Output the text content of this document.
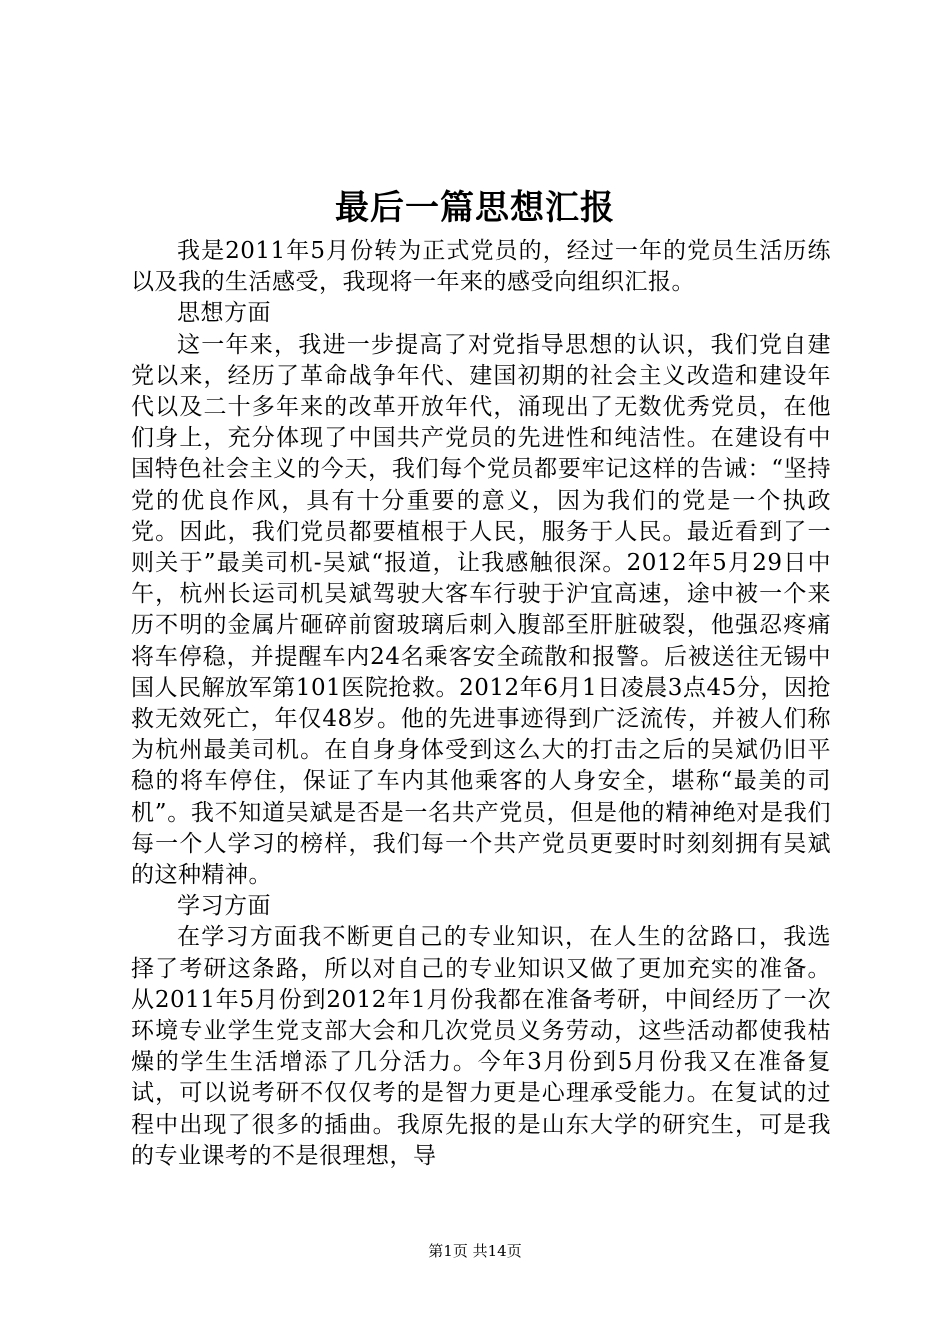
最后一篇思想汇报

我是2011年5月份转为正式党员的，经过一年的党员生活历练以及我的生活感受，我现将一年来的感受向组织汇报。

思想方面

这一年来，我进一步提高了对党指导思想的认识，我们党自建党以来，经历了革命战争年代、建国初期的社会主义改造和建设年代以及二十多年来的改革开放年代，涌现出了无数优秀党员，在他们身上，充分体现了中国共产党员的先进性和纯洁性。在建设有中国特色社会主义的今天，我们每个党员都要牢记这样的告诫：“坚持党的优良作风，具有十分重要的意义，因为我们的党是一个执政党。因此，我们党员都要植根于人民，服务于人民。最近看到了一则关于”最美司机-吴斌“报道，让我感触很深。2012年5月29日中午，杭州长运司机吴斌驾驶大客车行驶于沪宜高速，途中被一个来历不明的金属片砸碎前窗玻璃后刺入腹部至肝脏破裂，他强忍疼痛将车停稳，并提醒车内24名乘客安全疏散和报警。后被送往无锡中国人民解放军第101医院抢救。2012年6月1日凌晨3点45分，因抢救无效死亡，年仅48岁。他的先进事迹得到广泛流传，并被人们称为杭州最美司机。在自身身体受到这么大的打击之后的吴斌仍旧平稳的将车停住，保证了车内其他乘客的人身安全，堪称“最美的司机”。我不知道吴斌是否是一名共产党员，但是他的精神绝对是我们每一个人学习的榜样，我们每一个共产党员更要时时刻刻拥有吴斌的这种精神。

学习方面

在学习方面我不断更自己的专业知识，在人生的岔路口，我选择了考研这条路，所以对自己的专业知识又做了更加充实的准备。从2011年5月份到2012年1月份我都在准备考研，中间经历了一次环境专业学生党支部大会和几次党员义务劳动，这些活动都使我枯燥的学生生活增添了几分活力。今年3月份到5月份我又在准备复试，可以说考研不仅仅考的是智力更是心理承受能力。在复试的过程中出现了很多的插曲。我原先报的是山东大学的研究生，可是我的专业课考的不是很理想，导

第1页 共14页
